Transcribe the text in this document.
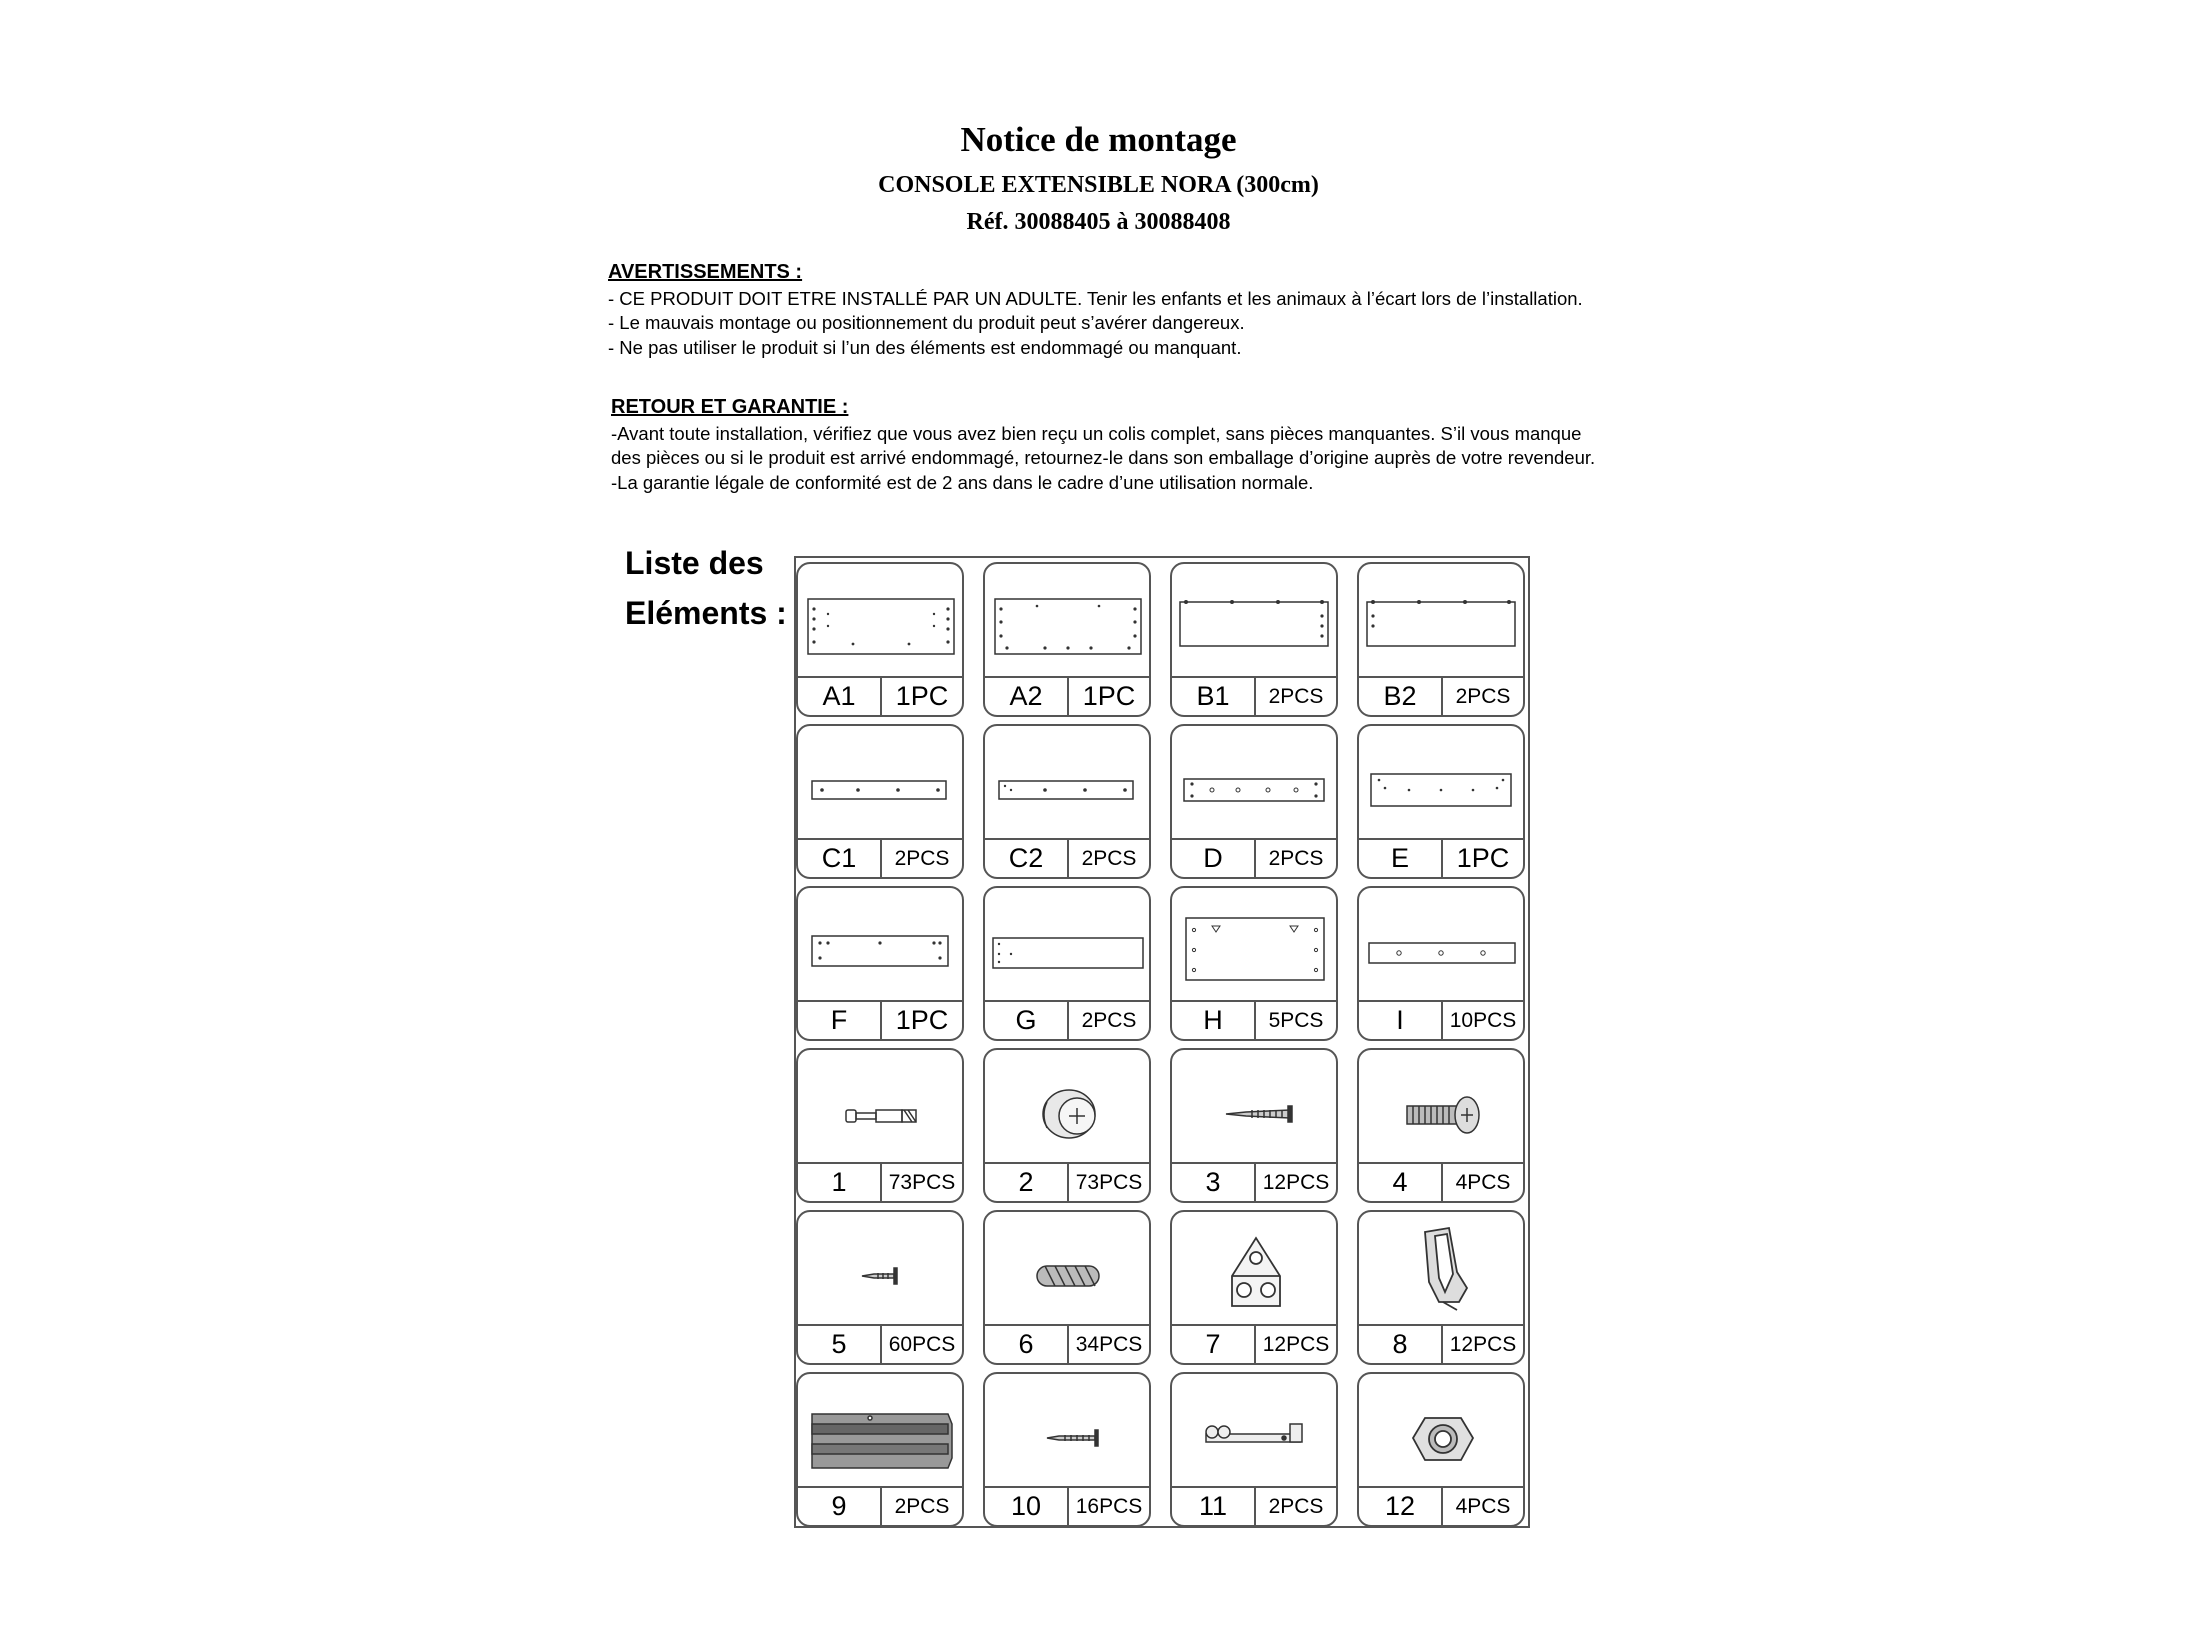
Notice de montage
CONSOLE EXTENSIBLE NORA (300cm)
Réf. 30088405 à 30088408
AVERTISSEMENTS :

- CE PRODUIT DOIT ETRE INSTALLÉ PAR UN ADULTE. Tenir les enfants et les animaux à l’écart lors de l’installation.

- Le mauvais montage ou positionnement du produit peut s’avérer dangereux.

- Ne pas utiliser le produit si l’un des éléments est endommagé ou manquant.

RETOUR ET GARANTIE :

-Avant toute installation, vérifiez que vous avez bien reçu un colis complet, sans pièces manquantes. S’il vous manque des pièces ou si le produit est arrivé endommagé, retournez-le dans son emballage d’origine auprès de votre revendeur.

-La garantie légale de conformité est de 2 ans dans le cadre d’une utilisation normale.

Liste des
Eléments :
A1	1PC	A2	1PC	B1	2PCS	B2	2PCS
C1	2PCS	C2	2PCS	D	2PCS	E	1PC
F	1PC	G	2PCS	H	5PCS	I	10PCS
1	73PCS	2	73PCS	3	12PCS	4	4PCS
5	60PCS	6	34PCS	7	12PCS	8	12PCS
9	2PCS	10	16PCS	11	2PCS	12	4PCS
